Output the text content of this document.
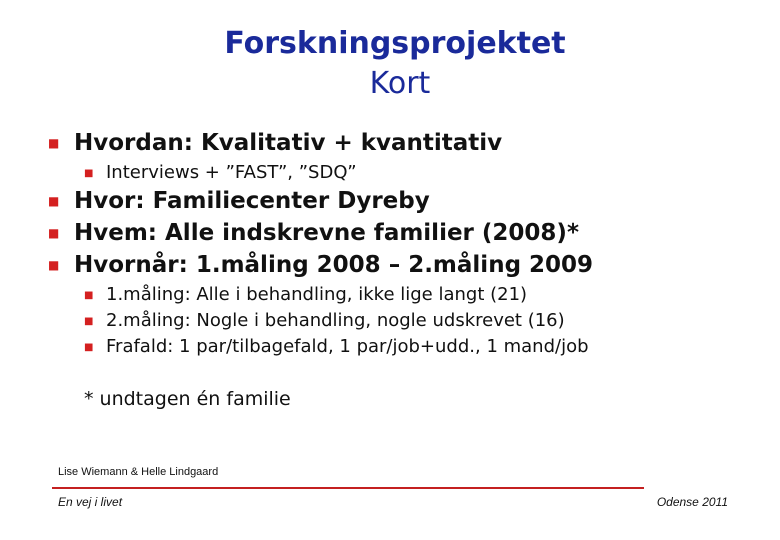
Forskningsprojektet
Kort
■ Hvordan: Kvalitativ + kvantitativ
■ Interviews + ”FAST”, ”SDQ”
■ Hvor: Familiecenter Dyreby
■ Hvem: Alle indskrevne familier (2008)*
■ Hvornår: 1.måling 2008 – 2.måling 2009
■ 1.måling: Alle i behandling, ikke lige langt (21)
■ 2.måling: Nogle i behandling, nogle udskrevet (16)
■ Frafald: 1 par/tilbagefald, 1 par/job+udd., 1 mand/job
* undtagen én familie
Lise Wiemann & Helle Lindgaard
En vej i livet	Odense 2011
